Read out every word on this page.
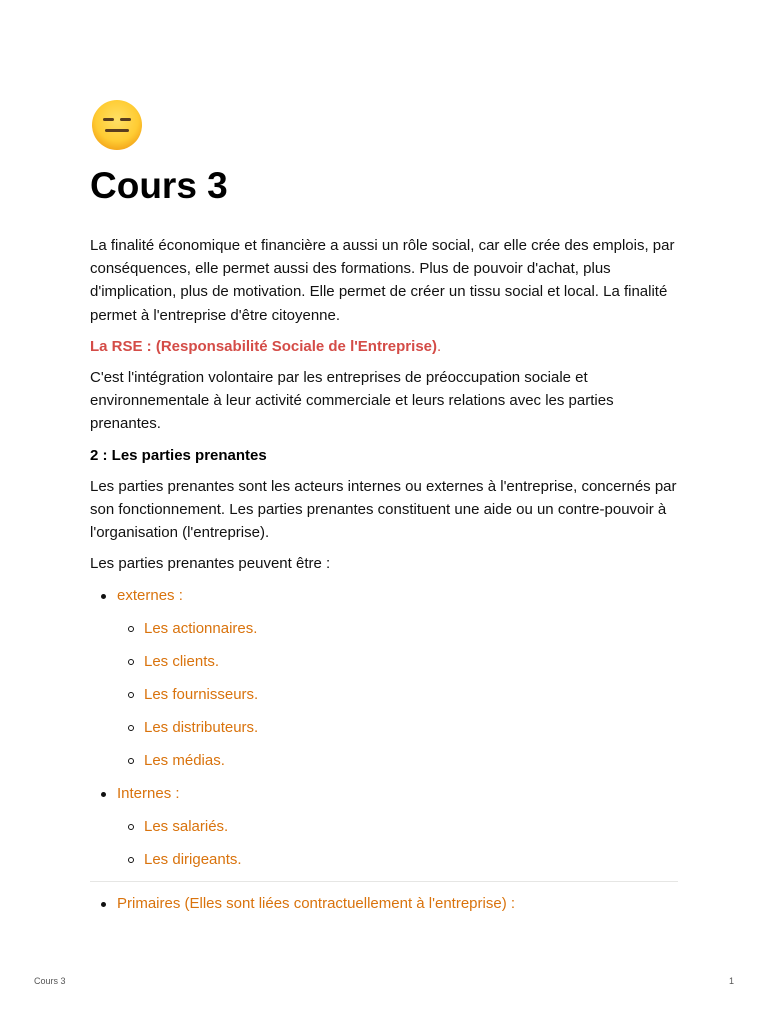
Cours 3

La finalité économique et financière a aussi un rôle social, car elle crée des emplois, par conséquences, elle permet aussi des formations. Plus de pouvoir d'achat, plus d'implication, plus de motivation. Elle permet de créer un tissu social et local. La finalité permet à l'entreprise d'être citoyenne.

La RSE : (Responsabilité Sociale de l'Entreprise).

C'est l'intégration volontaire par les entreprises de préoccupation sociale et environnementale à leur activité commerciale et leurs relations avec les parties prenantes.

2 : Les parties prenantes

Les parties prenantes sont les acteurs internes ou externes à l'entreprise, concernés par son fonctionnement. Les parties prenantes constituent une aide ou un contre-pouvoir à l'organisation (l'entreprise).

Les parties prenantes peuvent être :

externes :
Les actionnaires.
Les clients.
Les fournisseurs.
Les distributeurs.
Les médias.
Internes :
Les salariés.
Les dirigeants.
Primaires (Elles sont liées contractuellement à l'entreprise) :
Cours 3	1
